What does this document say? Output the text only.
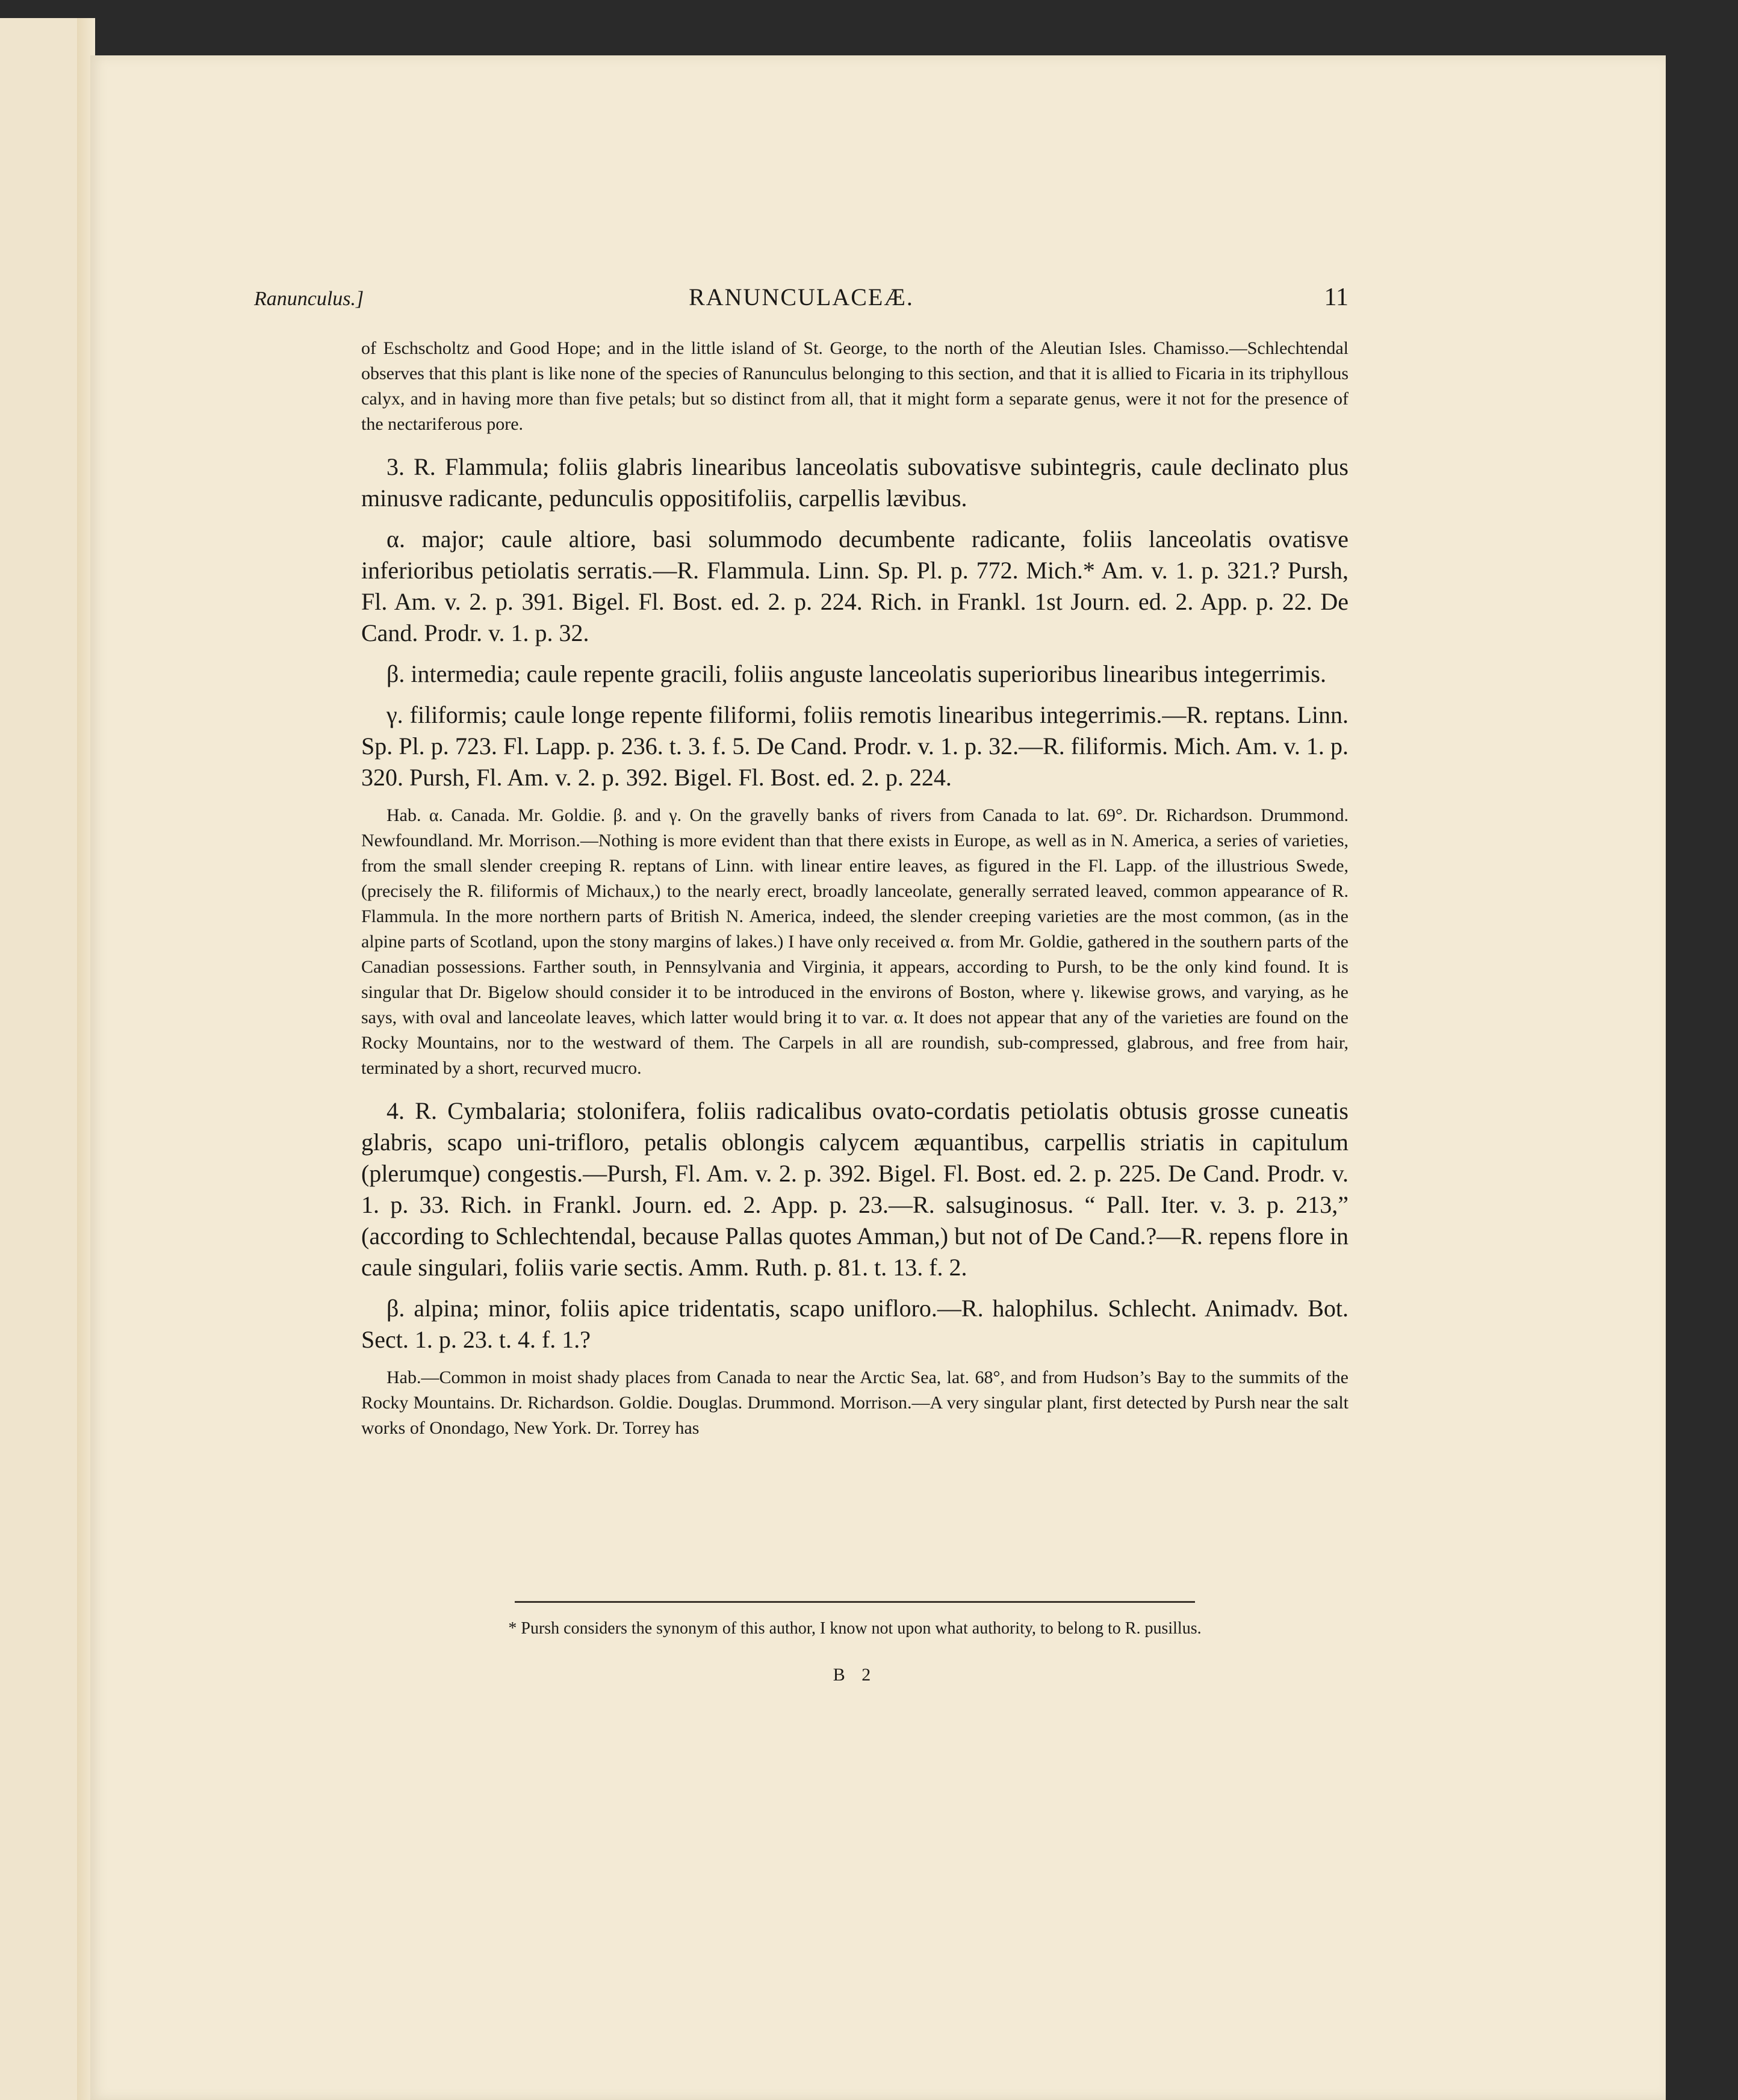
Ranunculus.]	RANUNCULACEÆ.	11

of Eschscholtz and Good Hope; and in the little island of St. George, to the north of the Aleutian Isles. Chamisso.—Schlechtendal observes that this plant is like none of the species of Ranunculus belonging to this section, and that it is allied to Ficaria in its triphyllous calyx, and in having more than five petals; but so distinct from all, that it might form a separate genus, were it not for the presence of the nectariferous pore.

3. R. Flammula; foliis glabris linearibus lanceolatis subovatisve subintegris, caule declinato plus minusve radicante, pedunculis oppositifoliis, carpellis lævibus.

α. major; caule altiore, basi solummodo decumbente radicante, foliis lanceolatis ovatisve inferioribus petiolatis serratis.—R. Flammula. Linn. Sp. Pl. p. 772. Mich.* Am. v. 1. p. 321.? Pursh, Fl. Am. v. 2. p. 391. Bigel. Fl. Bost. ed. 2. p. 224. Rich. in Frankl. 1st Journ. ed. 2. App. p. 22. De Cand. Prodr. v. 1. p. 32.

β. intermedia; caule repente gracili, foliis anguste lanceolatis superioribus linearibus integerrimis.

γ. filiformis; caule longe repente filiformi, foliis remotis linearibus integerrimis.—R. reptans. Linn. Sp. Pl. p. 723. Fl. Lapp. p. 236. t. 3. f. 5. De Cand. Prodr. v. 1. p. 32.—R. filiformis. Mich. Am. v. 1. p. 320. Pursh, Fl. Am. v. 2. p. 392. Bigel. Fl. Bost. ed. 2. p. 224.

Hab. α. Canada. Mr. Goldie. β. and γ. On the gravelly banks of rivers from Canada to lat. 69°. Dr. Richardson. Drummond. Newfoundland. Mr. Morrison.—Nothing is more evident than that there exists in Europe, as well as in N. America, a series of varieties, from the small slender creeping R. reptans of Linn. with linear entire leaves, as figured in the Fl. Lapp. of the illustrious Swede, (precisely the R. filiformis of Michaux,) to the nearly erect, broadly lanceolate, generally serrated leaved, common appearance of R. Flammula. In the more northern parts of British N. America, indeed, the slender creeping varieties are the most common, (as in the alpine parts of Scotland, upon the stony margins of lakes.) I have only received α. from Mr. Goldie, gathered in the southern parts of the Canadian possessions. Farther south, in Pennsylvania and Virginia, it appears, according to Pursh, to be the only kind found. It is singular that Dr. Bigelow should consider it to be introduced in the environs of Boston, where γ. likewise grows, and varying, as he says, with oval and lanceolate leaves, which latter would bring it to var. α. It does not appear that any of the varieties are found on the Rocky Mountains, nor to the westward of them. The Carpels in all are roundish, sub-compressed, glabrous, and free from hair, terminated by a short, recurved mucro.

4. R. Cymbalaria; stolonifera, foliis radicalibus ovato-cordatis petiolatis obtusis grosse cuneatis glabris, scapo uni-trifloro, petalis oblongis calycem æquantibus, carpellis striatis in capitulum (plerumque) congestis.—Pursh, Fl. Am. v. 2. p. 392. Bigel. Fl. Bost. ed. 2. p. 225. De Cand. Prodr. v. 1. p. 33. Rich. in Frankl. Journ. ed. 2. App. p. 23.—R. salsuginosus. “ Pall. Iter. v. 3. p. 213,” (according to Schlechtendal, because Pallas quotes Amman,) but not of De Cand.?—R. repens flore in caule singulari, foliis varie sectis. Amm. Ruth. p. 81. t. 13. f. 2.

β. alpina; minor, foliis apice tridentatis, scapo unifloro.—R. halophilus. Schlecht. Animadv. Bot. Sect. 1. p. 23. t. 4. f. 1.?

Hab.—Common in moist shady places from Canada to near the Arctic Sea, lat. 68°, and from Hudson’s Bay to the summits of the Rocky Mountains. Dr. Richardson. Goldie. Douglas. Drummond. Morrison.—A very singular plant, first detected by Pursh near the salt works of Onondago, New York. Dr. Torrey has

* Pursh considers the synonym of this author, I know not upon what authority, to belong to R. pusillus.
B 2
